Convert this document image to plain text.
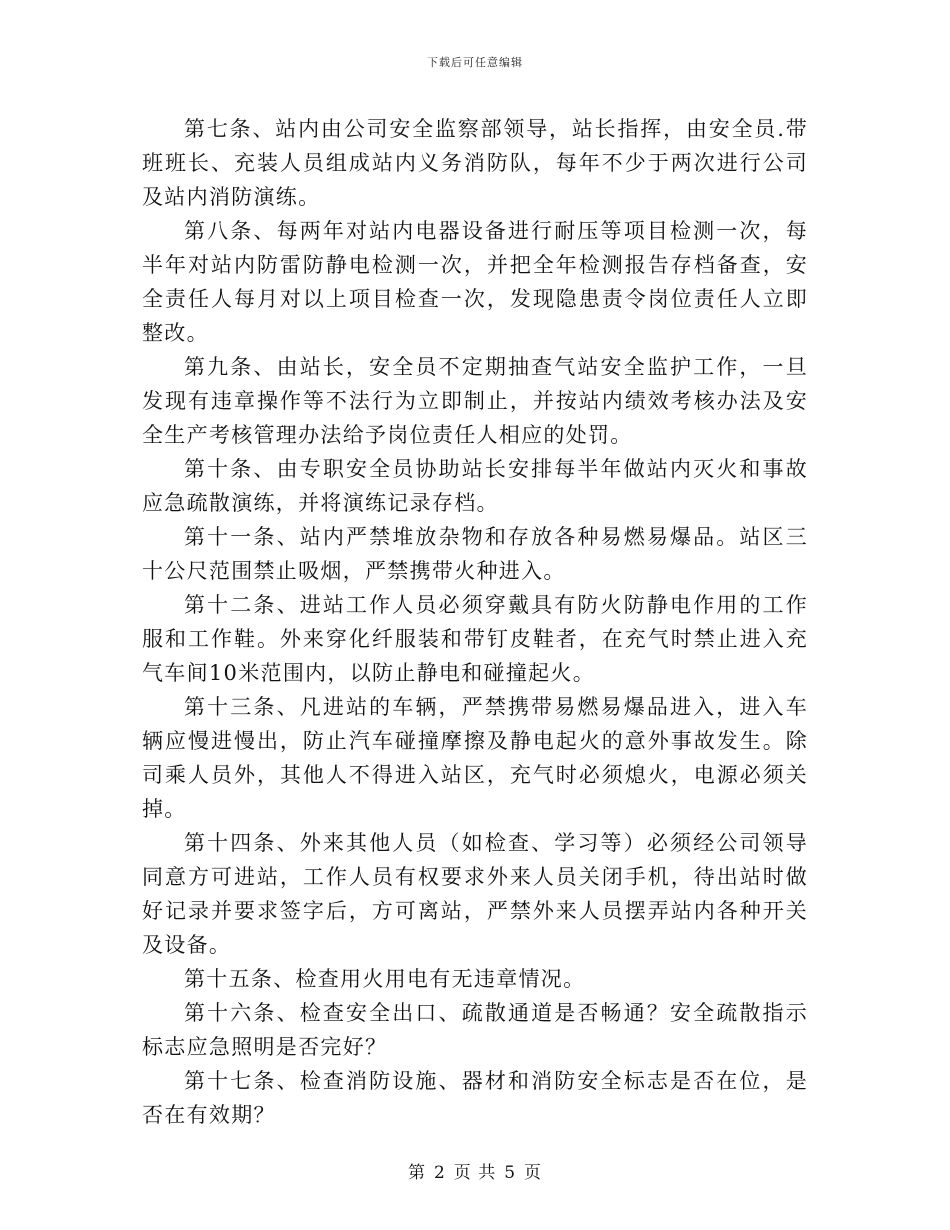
下载后可任意编辑

第七条、站内由公司安全监察部领导，站长指挥，由安全员.带班班长、充装人员组成站内义务消防队，每年不少于两次进行公司及站内消防演练。

第八条、每两年对站内电器设备进行耐压等项目检测一次，每半年对站内防雷防静电检测一次，并把全年检测报告存档备查，安全责任人每月对以上项目检查一次，发现隐患责令岗位责任人立即整改。

第九条、由站长，安全员不定期抽查气站安全监护工作，一旦发现有违章操作等不法行为立即制止，并按站内绩效考核办法及安全生产考核管理办法给予岗位责任人相应的处罚。

第十条、由专职安全员协助站长安排每半年做站内灭火和事故应急疏散演练，并将演练记录存档。

第十一条、站内严禁堆放杂物和存放各种易燃易爆品。站区三十公尺范围禁止吸烟，严禁携带火种进入。

第十二条、进站工作人员必须穿戴具有防火防静电作用的工作服和工作鞋。外来穿化纤服装和带钉皮鞋者，在充气时禁止进入充气车间10米范围内，以防止静电和碰撞起火。

第十三条、凡进站的车辆，严禁携带易燃易爆品进入，进入车辆应慢进慢出，防止汽车碰撞摩擦及静电起火的意外事故发生。除司乘人员外，其他人不得进入站区，充气时必须熄火，电源必须关掉。

第十四条、外来其他人员（如检查、学习等）必须经公司领导同意方可进站，工作人员有权要求外来人员关闭手机，待出站时做好记录并要求签字后，方可离站，严禁外来人员摆弄站内各种开关及设备。

第十五条、检查用火用电有无违章情况。

第十六条、检查安全出口、疏散通道是否畅通？安全疏散指示标志应急照明是否完好？

第十七条、检查消防设施、器材和消防安全标志是否在位，是否在有效期？

第 2 页 共 5 页
